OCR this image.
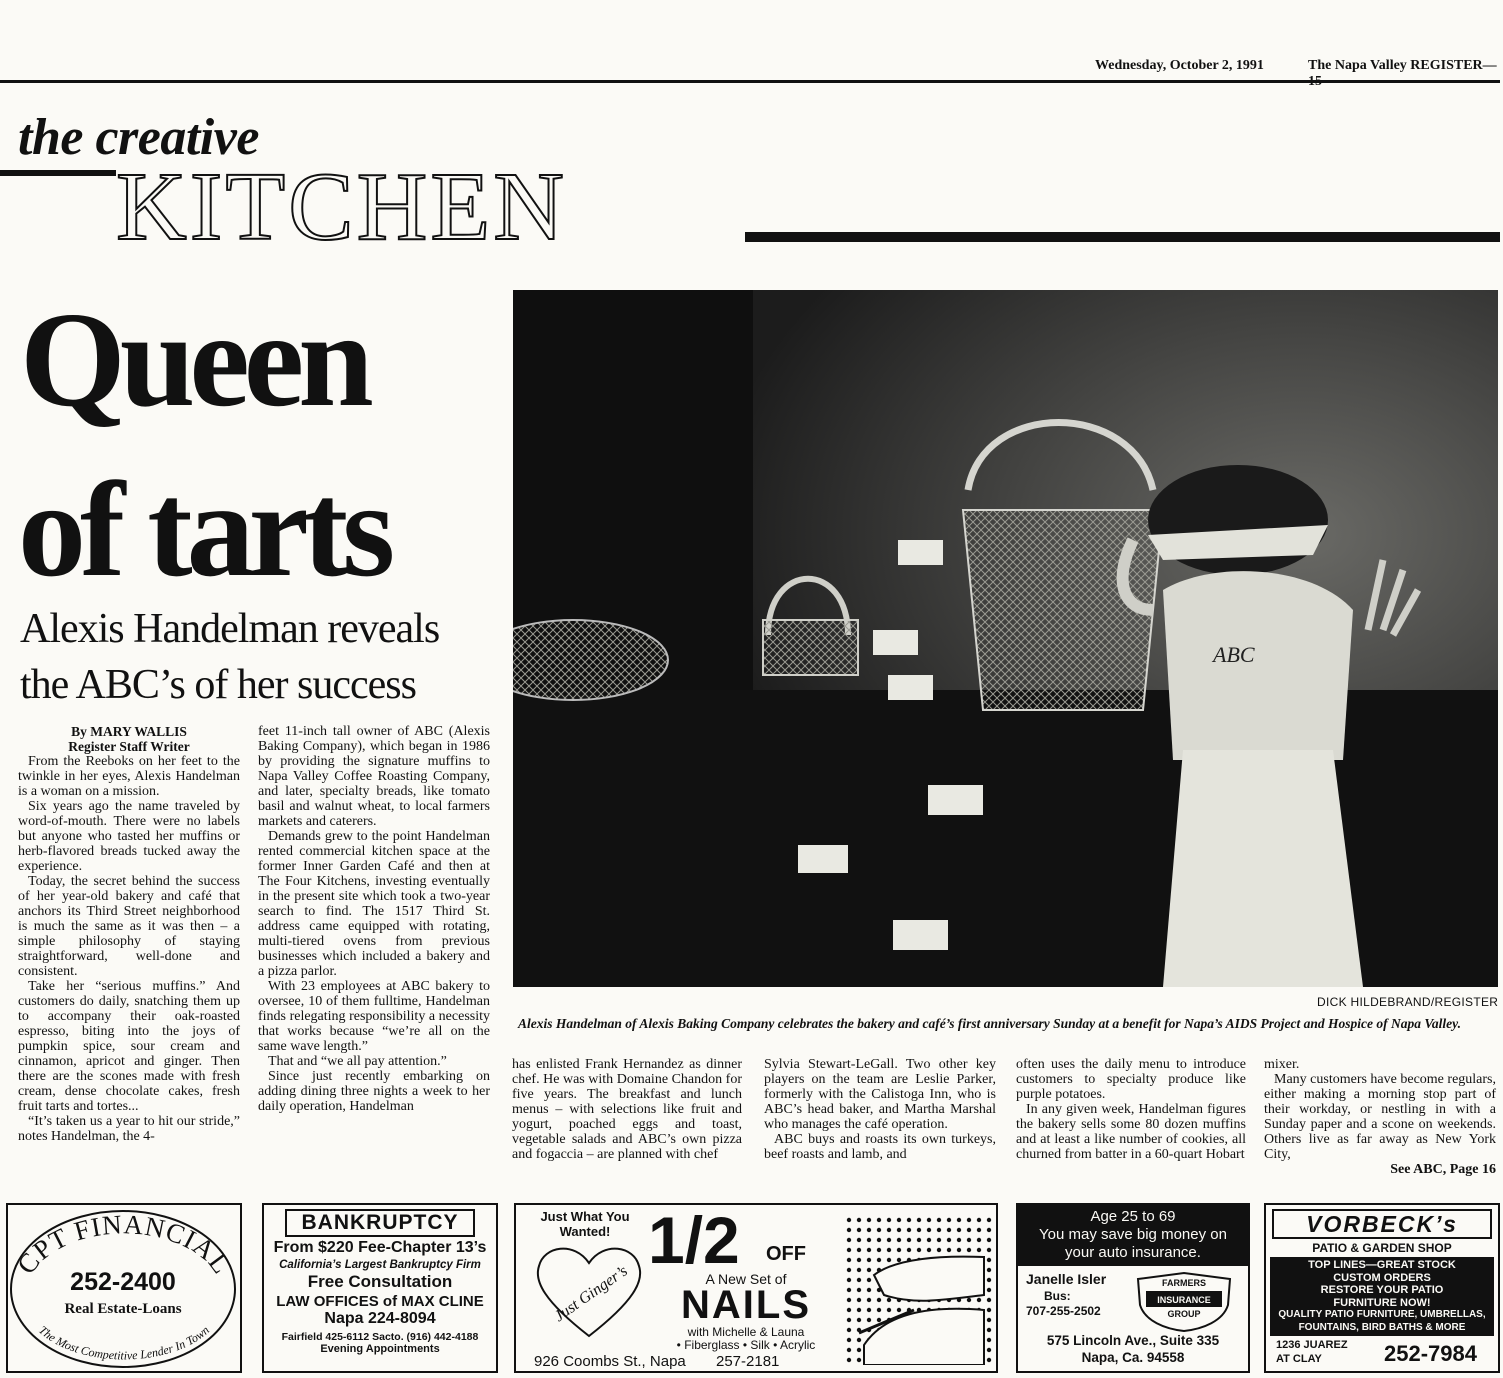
Wednesday, October 2, 1991	The Napa Valley REGISTER—
the creative
KITCHEN
Queen
of tarts
Alexis Handelman reveals
the ABC’s of her success
ABC
DICK HILDEBRAND/REGISTER
Alexis Handelman of Alexis Baking Company celebrates the bakery and café’s first anniversary Sunday at a benefit for Napa’s AIDS Project and Hospice of Napa Valley.
By MARY WALLIS
Register Staff Writer

From the Reeboks on her feet to the twinkle in her eyes, Alexis Handelman is a woman on a mission.

Six years ago the name traveled by word-of-mouth. There were no labels but anyone who tasted her muffins or herb-flavored breads tucked away the experience.

Today, the secret behind the success of her year-old bakery and café that anchors its Third Street neighborhood is much the same as it was then – a simple philosophy of staying straightforward, well-done and consistent.

Take her “serious muffins.” And customers do daily, snatching them up to accompany their oak-roasted espresso, biting into the joys of pumpkin spice, sour cream and cinnamon, apricot and ginger. Then there are the scones made with fresh cream, dense chocolate cakes, fresh fruit tarts and tortes...

“It’s taken us a year to hit our stride,” notes Handelman, the 4-

feet 11-inch tall owner of ABC (Alexis Baking Company), which began in 1986 by providing the signature muffins to Napa Valley Coffee Roasting Company, and later, specialty breads, like tomato basil and walnut wheat, to local farmers markets and caterers.

Demands grew to the point Handelman rented commercial kitchen space at the former Inner Garden Café and then at The Four Kitchens, investing eventually in the present site which took a two-year search to find. The 1517 Third St. address came equipped with rotating, multi-tiered ovens from previous businesses which included a bakery and a pizza parlor.

With 23 employees at ABC bakery to oversee, 10 of them fulltime, Handelman finds relegating responsibility a necessity that works because “we’re all on the same wave length.”

That and “we all pay attention.”

Since just recently embarking on adding dining three nights a week to her daily operation, Handelman

has enlisted Frank Hernandez as dinner chef. He was with Domaine Chandon for five years. The breakfast and lunch menus – with selections like fruit and yogurt, poached eggs and toast, vegetable salads and ABC’s own pizza and fogaccia – are planned with chef

Sylvia Stewart-LeGall. Two other key players on the team are Leslie Parker, formerly with the Calistoga Inn, who is ABC’s head baker, and Martha Marshal who manages the café operation.

ABC buys and roasts its own turkeys, beef roasts and lamb, and

often uses the daily menu to introduce customers to specialty produce like purple potatoes.

In any given week, Handelman figures the bakery sells some 80 dozen muffins and at least a like number of cookies, all churned from batter in a 60-quart Hobart

mixer.

Many customers have become regulars, either making a morning stop part of their workday, or nestling in with a Sunday paper and a scone on weekends. Others live as far away as New York City,

See ABC, Page 16
CPT FINANCIAL
The Most Competitive Lender In Town
252-2400
Real Estate-Loans
BANKRUPTCY
From $220 Fee-Chapter 13’s
California’s Largest Bankruptcy Firm
Free Consultation
LAW OFFICES of MAX CLINE
Napa 224-8094
Fairfield 425-6112 Sacto. (916) 442-4188
Evening Appointments
Just What You Wanted!
Just Ginger’s
1/2 OFF
A New Set of
NAILS
with Michelle & Launa
• Fiberglass • Silk • Acrylic
926 Coombs St., Napa 257-2181
Age 25 to 69
You may save big money on
your auto insurance.
Janelle Isler
Bus:
707-255-2502
FARMERS
INSURANCE
GROUP
575 Lincoln Ave., Suite 335
Napa, Ca. 94558
VORBECK’s
PATIO & GARDEN SHOP
TOP LINES—GREAT STOCK
CUSTOM ORDERS
RESTORE YOUR PATIO
FURNITURE NOW!
QUALITY PATIO FURNITURE, UMBRELLAS,
FOUNTAINS, BIRD BATHS & MORE
1236 JUAREZ
AT CLAY	252-7984
